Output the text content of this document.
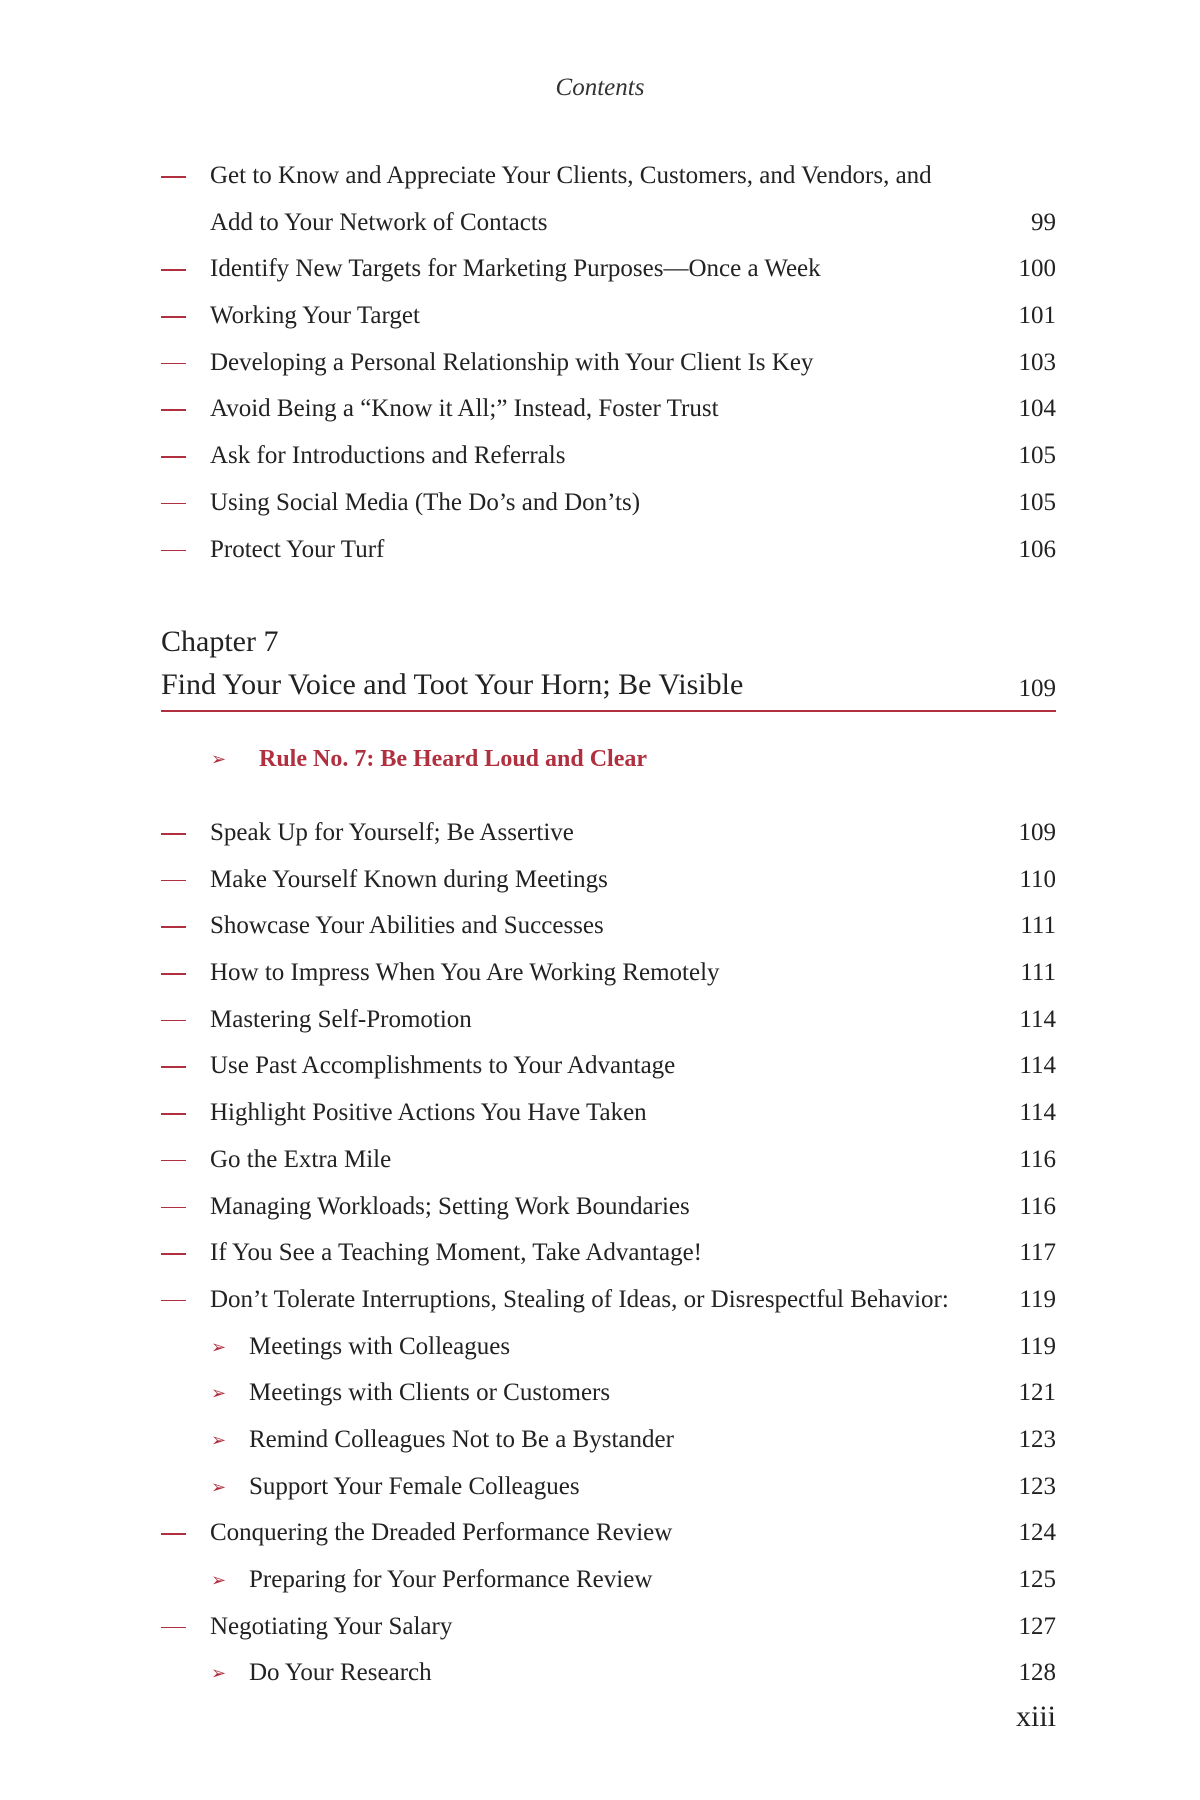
Contents
Get to Know and Appreciate Your Clients, Customers, and Vendors, and
Add to Your Network of Contacts	99
Identify New Targets for Marketing Purposes—Once a Week	100
Working Your Target	101
Developing a Personal Relationship with Your Client Is Key	103
Avoid Being a “Know it All;” Instead, Foster Trust	104
Ask for Introductions and Referrals	105
Using Social Media (The Do’s and Don’ts)	105
Protect Your Turf	106
Chapter 7
Find Your Voice and Toot Your Horn; Be Visible	109
➢ Rule No. 7: Be Heard Loud and Clear
Speak Up for Yourself; Be Assertive	109
Make Yourself Known during Meetings	110
Showcase Your Abilities and Successes	111
How to Impress When You Are Working Remotely	111
Mastering Self-Promotion	114
Use Past Accomplishments to Your Advantage	114
Highlight Positive Actions You Have Taken	114
Go the Extra Mile	116
Managing Workloads; Setting Work Boundaries	116
If You See a Teaching Moment, Take Advantage!	117
Don’t Tolerate Interruptions, Stealing of Ideas, or Disrespectful Behavior:	119
➢ Meetings with Colleagues	119
➢ Meetings with Clients or Customers	121
➢ Remind Colleagues Not to Be a Bystander	123
➢ Support Your Female Colleagues	123
Conquering the Dreaded Performance Review	124
➢ Preparing for Your Performance Review	125
Negotiating Your Salary	127
➢ Do Your Research	128
xiii
